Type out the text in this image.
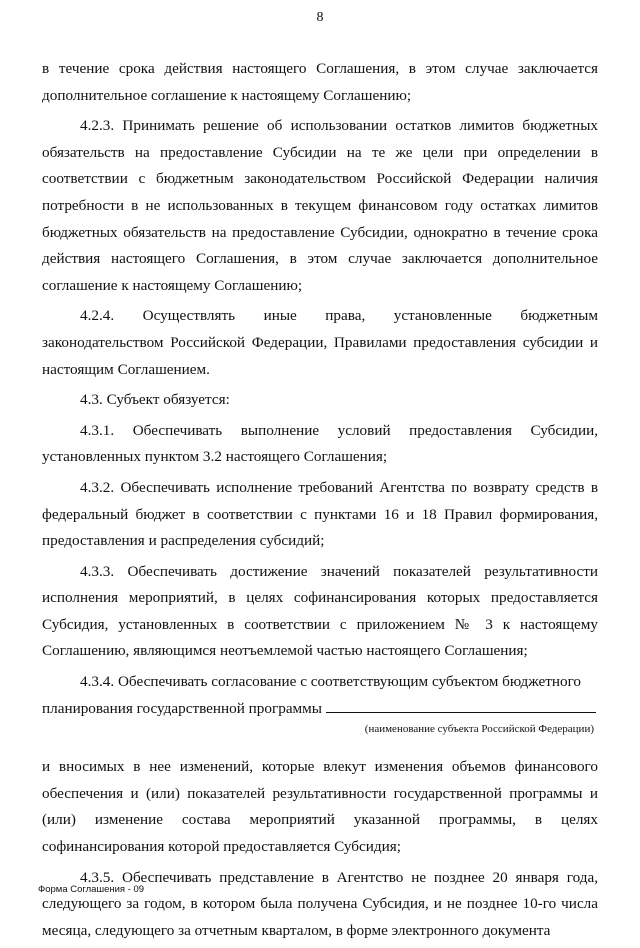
8

в течение срока действия настоящего Соглашения, в этом случае заключается дополнительное соглашение к настоящему Соглашению;

4.2.3. Принимать решение об использовании остатков лимитов бюджетных обязательств на предоставление Субсидии на те же цели при определении в соответствии с бюджетным законодательством Российской Федерации наличия потребности в не использованных в текущем финансовом году остатках лимитов бюджетных обязательств на предоставление Субсидии, однократно в течение срока действия настоящего Соглашения, в этом случае заключается дополнительное соглашение к настоящему Соглашению;

4.2.4. Осуществлять иные права, установленные бюджетным законодательством Российской Федерации, Правилами предоставления субсидии и настоящим Соглашением.

4.3. Субъект обязуется:

4.3.1. Обеспечивать выполнение условий предоставления Субсидии, установленных пунктом 3.2 настоящего Соглашения;

4.3.2. Обеспечивать исполнение требований Агентства по возврату средств в федеральный бюджет в соответствии с пунктами 16 и 18 Правил формирования, предоставления и распределения субсидий;

4.3.3. Обеспечивать достижение значений показателей результативности исполнения мероприятий, в целях софинансирования которых предоставляется Субсидия, установленных в соответствии с приложением № 3 к настоящему Соглашению, являющимся неотъемлемой частью настоящего Соглашения;

4.3.4. Обеспечивать согласование с соответствующим субъектом бюджетного

планирования государственной программы

(наименование субъекта Российской Федерации)

и вносимых в нее изменений, которые влекут изменения объемов финансового обеспечения и (или) показателей результативности государственной программы и (или) изменение состава мероприятий указанной программы, в целях софинансирования которой предоставляется Субсидия;

4.3.5. Обеспечивать представление в Агентство не позднее 20 января года, следующего за годом, в котором была получена Субсидия, и не позднее 10-го числа месяца, следующего за отчетным кварталом, в форме электронного документа

Форма Соглашения - 09
